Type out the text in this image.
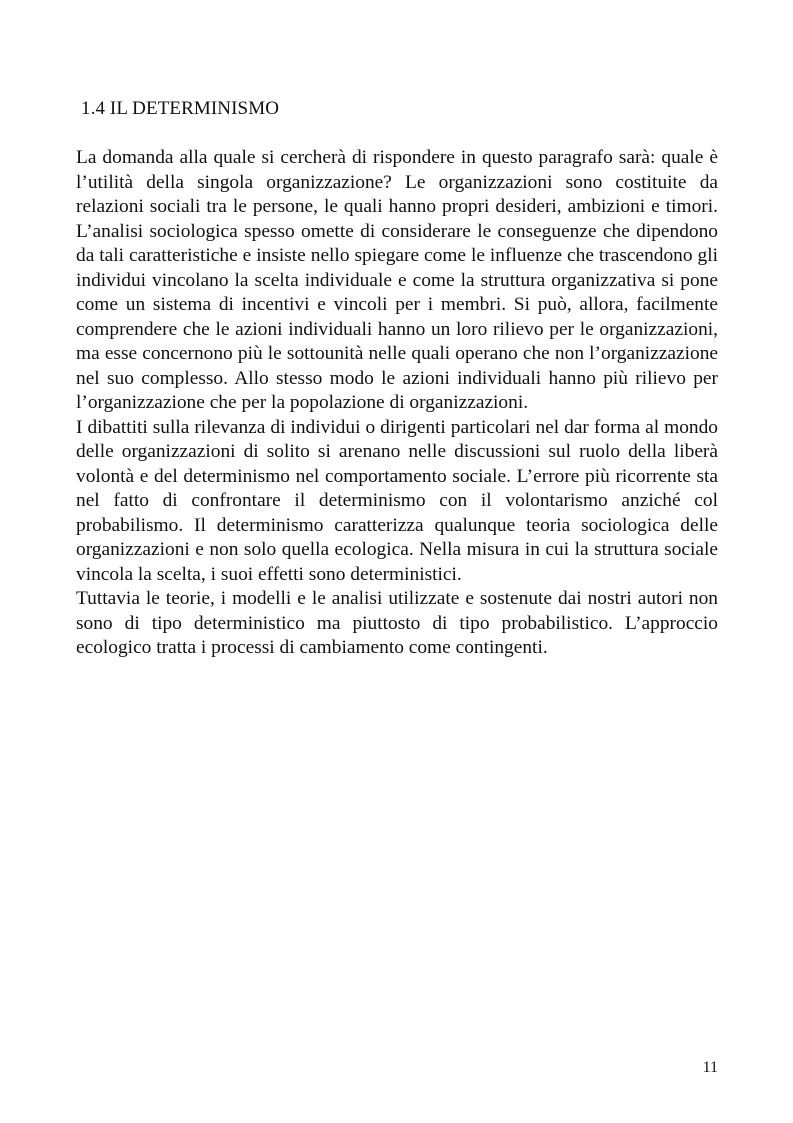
1.4 IL DETERMINISMO

La domanda alla quale si cercherà di rispondere in questo paragrafo sarà: quale è l’utilità della singola organizzazione? Le organizzazioni sono costituite da relazioni sociali tra le persone, le quali hanno propri desideri, ambizioni e timori. L’analisi sociologica spesso omette di considerare le conseguenze che dipendono da tali caratteristiche e insiste nello spiegare come le influenze che trascendono gli individui vincolano la scelta individuale e come la struttura organizzativa si pone come un sistema di incentivi e vincoli per i membri. Si può, allora, facilmente comprendere che le azioni individuali hanno un loro rilievo per le organizzazioni, ma esse concernono più le sottounità nelle quali operano che non l’organizzazione nel suo complesso. Allo stesso modo le azioni individuali hanno più rilievo per l’organizzazione che per la popolazione di organizzazioni.

I dibattiti sulla rilevanza di individui o dirigenti particolari nel dar forma al mondo delle organizzazioni di solito si arenano nelle discussioni sul ruolo della liberà volontà e del determinismo nel comportamento sociale. L’errore più ricorrente sta nel fatto di confrontare il determinismo con il volontarismo anziché col probabilismo. Il determinismo caratterizza qualunque teoria sociologica delle organizzazioni e non solo quella ecologica. Nella misura in cui la struttura sociale vincola la scelta, i suoi effetti sono deterministici.

Tuttavia le teorie, i modelli e le analisi utilizzate e sostenute dai nostri autori non sono di tipo deterministico ma piuttosto di tipo probabilistico. L’approccio ecologico tratta i processi di cambiamento come contingenti.

11
